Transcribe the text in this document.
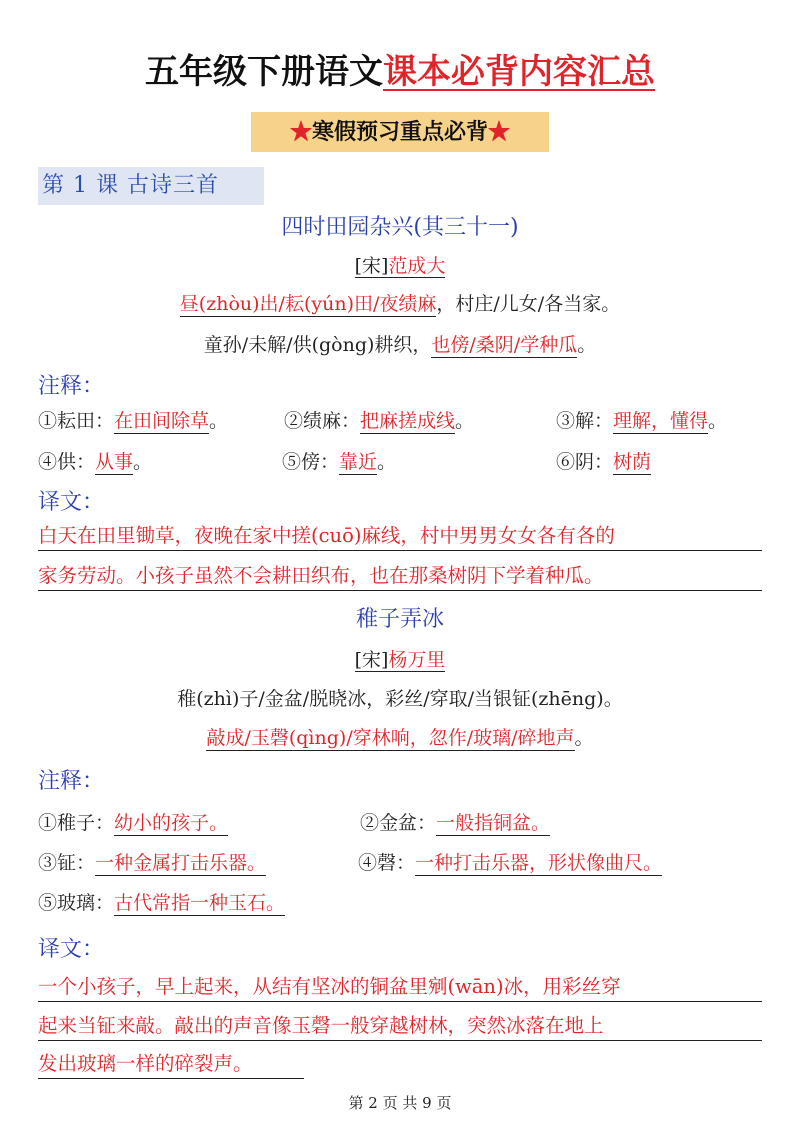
五年级下册语文课本必背内容汇总
★寒假预习重点必背★
第 1 课 古诗三首
四时田园杂兴(其三十一)
[宋]范成大
昼(zhòu)出/耘(yún)田/夜绩麻，村庄/儿女/各当家。
童孙/未解/供(gòng)耕织，也傍/桑阴/学种瓜。
注释：
①耘田：在田间除草。	②绩麻：把麻搓成线。	③解：理解，懂得。
④供：从事。	⑤傍：靠近。	⑥阴：树荫
译文：
白天在田里锄草，夜晚在家中搓(cuō)麻线，村中男男女女各有各的
家务劳动。小孩子虽然不会耕田织布，也在那桑树阴下学着种瓜。
稚子弄冰
[宋]杨万里
稚(zhì)子/金盆/脱晓冰，彩丝/穿取/当银钲(zhēng)。
敲成/玉磬(qìng)/穿林响，忽作/玻璃/碎地声。
注释：
①稚子：幼小的孩子。	②金盆：一般指铜盆。
③钲：一种金属打击乐器。	④磬：一种打击乐器，形状像曲尺。
⑤玻璃：古代常指一种玉石。
译文：
一个小孩子，早上起来，从结有坚冰的铜盆里剜(wān)冰，用彩丝穿
起来当钲来敲。敲出的声音像玉磬一般穿越树林，突然冰落在地上
发出玻璃一样的碎裂声。
第 2 页 共 9 页
